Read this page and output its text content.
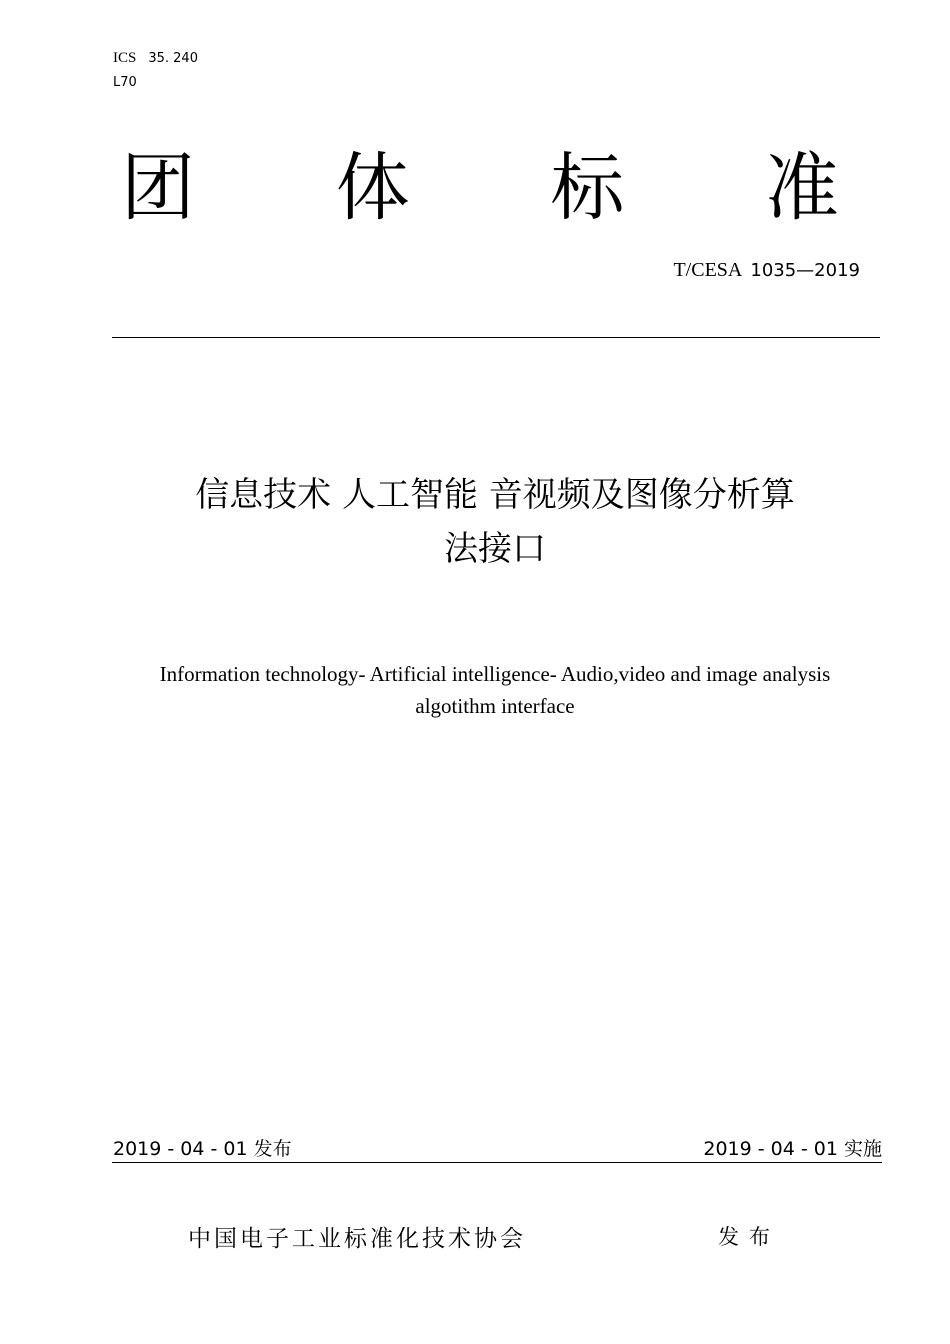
ICS 35. 240
L70
团 体 标 准
T/CESA 1035—2019
信息技术 人工智能 音视频及图像分析算
法接口
Information technology- Artificial intelligence- Audio,video and image analysis
algotithm interface
2019 - 04 - 01 发布	2019 - 04 - 01 实施
中国电子工业标准化技术协会	发布
